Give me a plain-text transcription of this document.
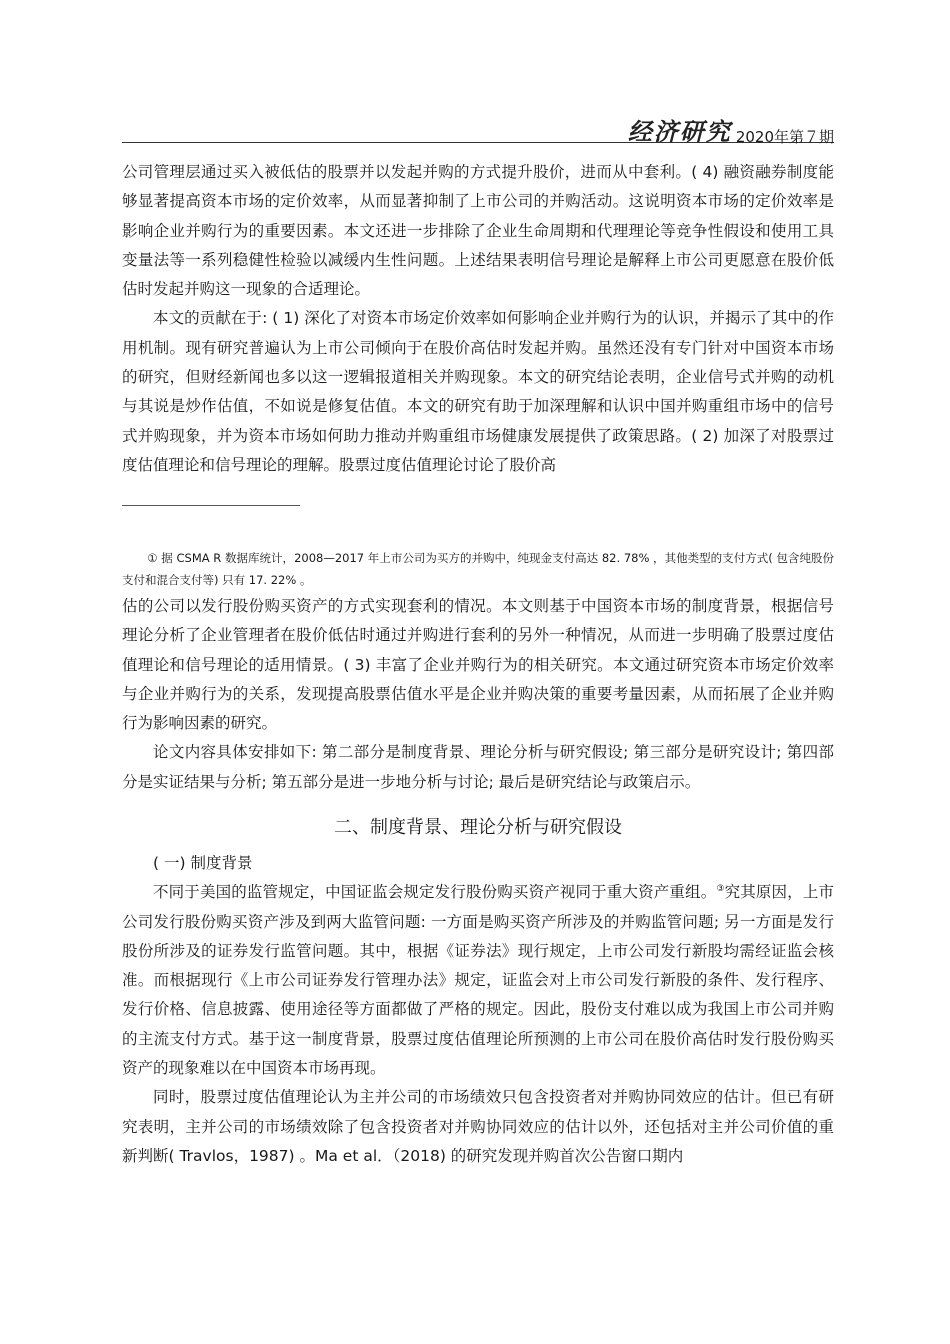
经济研究 2020年第７期

公司管理层通过买入被低估的股票并以发起并购的方式提升股价，进而从中套利。( 4) 融资融券制度能够显著提高资本市场的定价效率，从而显著抑制了上市公司的并购活动。这说明资本市场的定价效率是影响企业并购行为的重要因素。本文还进一步排除了企业生命周期和代理理论等竞争性假设和使用工具变量法等一系列稳健性检验以减缓内生性问题。上述结果表明信号理论是解释上市公司更愿意在股价低估时发起并购这一现象的合适理论。

本文的贡献在于: ( 1) 深化了对资本市场定价效率如何影响企业并购行为的认识，并揭示了其中的作用机制。现有研究普遍认为上市公司倾向于在股价高估时发起并购。虽然还没有专门针对中国资本市场的研究，但财经新闻也多以这一逻辑报道相关并购现象。本文的研究结论表明，企业信号式并购的动机与其说是炒作估值，不如说是修复估值。本文的研究有助于加深理解和认识中国并购重组市场中的信号式并购现象，并为资本市场如何助力推动并购重组市场健康发展提供了政策思路。( 2) 加深了对股票过度估值理论和信号理论的理解。股票过度估值理论讨论了股价高

① 据 CSMA R 数据库统计，2008—2017 年上市公司为买方的并购中，纯现金支付高达 82. 78% ，其他类型的支付方式( 包含纯股份支付和混合支付等) 只有 17. 22% 。

估的公司以发行股份购买资产的方式实现套利的情况。本文则基于中国资本市场的制度背景，根据信号理论分析了企业管理者在股价低估时通过并购进行套利的另外一种情况，从而进一步明确了股票过度估值理论和信号理论的适用情景。( 3) 丰富了企业并购行为的相关研究。本文通过研究资本市场定价效率与企业并购行为的关系，发现提高股票估值水平是企业并购决策的重要考量因素，从而拓展了企业并购行为影响因素的研究。

论文内容具体安排如下: 第二部分是制度背景、理论分析与研究假设; 第三部分是研究设计; 第四部分是实证结果与分析; 第五部分是进一步地分析与讨论; 最后是研究结论与政策启示。

二、制度背景、理论分析与研究假设

( 一) 制度背景

不同于美国的监管规定，中国证监会规定发行股份购买资产视同于重大资产重组。③究其原因，上市公司发行股份购买资产涉及到两大监管问题: 一方面是购买资产所涉及的并购监管问题; 另一方面是发行股份所涉及的证券发行监管问题。其中，根据《证券法》现行规定，上市公司发行新股均需经证监会核准。而根据现行《上市公司证券发行管理办法》规定，证监会对上市公司发行新股的条件、发行程序、发行价格、信息披露、使用途径等方面都做了严格的规定。因此，股份支付难以成为我国上市公司并购的主流支付方式。基于这一制度背景，股票过度估值理论所预测的上市公司在股价高估时发行股份购买资产的现象难以在中国资本市场再现。

同时，股票过度估值理论认为主并公司的市场绩效只包含投资者对并购协同效应的估计。但已有研究表明，主并公司的市场绩效除了包含投资者对并购协同效应的估计以外，还包括对主并公司价值的重新判断( Travlos，1987) 。Ma et al．（2018) 的研究发现并购首次公告窗口期内
